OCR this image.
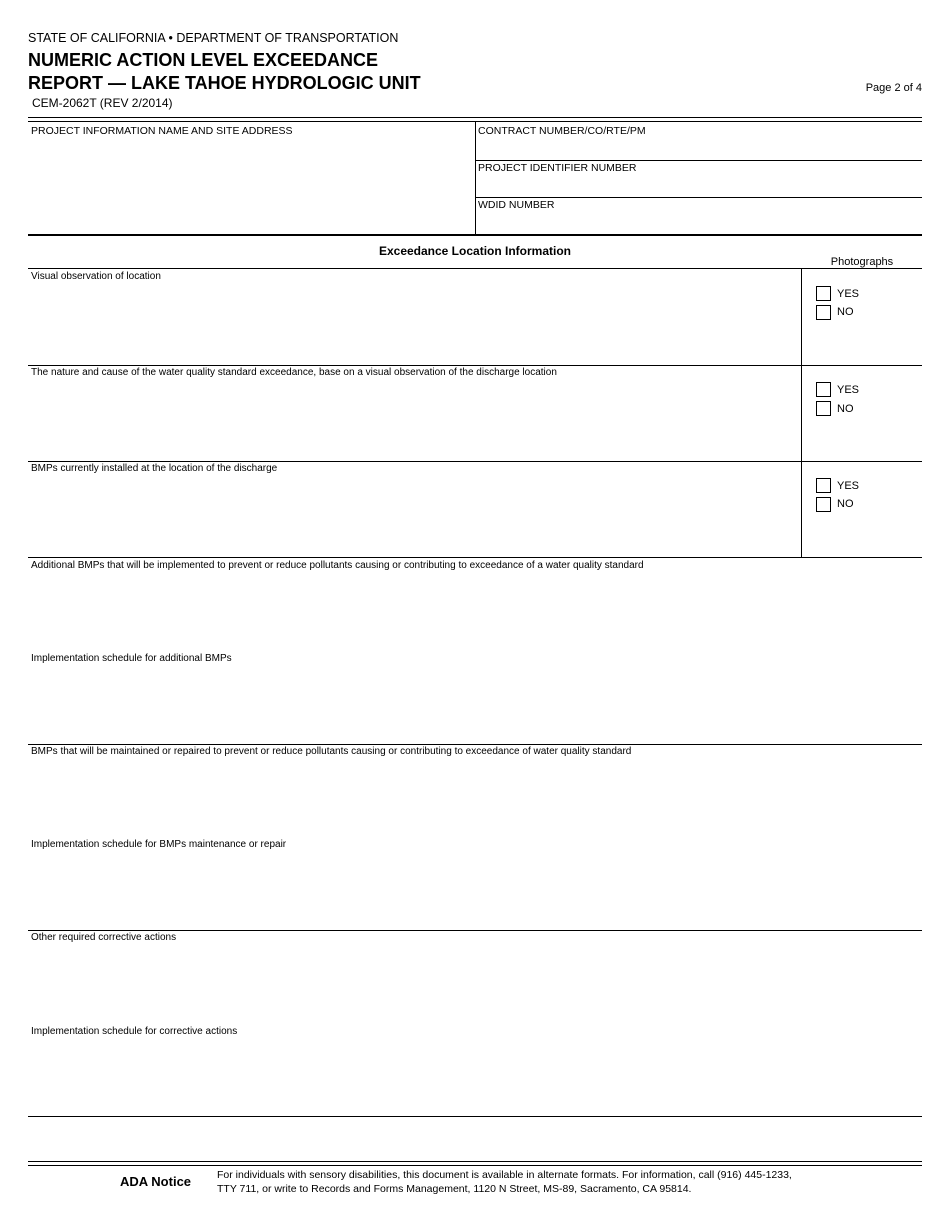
STATE OF CALIFORNIA • DEPARTMENT OF TRANSPORTATION
NUMERIC ACTION LEVEL EXCEEDANCE
REPORT — LAKE TAHOE HYDROLOGIC UNIT
CEM-2062T (REV 2/2014)
Page 2 of 4
PROJECT INFORMATION NAME AND SITE ADDRESS	CONTRACT NUMBER/CO/RTE/PM
PROJECT IDENTIFIER NUMBER
WDID NUMBER
Exceedance Location Information
Photographs
Visual observation of location
YES
NO
The nature and cause of the water quality standard exceedance, base on a visual observation of the discharge location
YES
NO
BMPs currently installed at the location of the discharge
YES
NO
Additional BMPs that will be implemented to prevent or reduce pollutants causing or contributing to exceedance of a water quality standard
Implementation schedule for additional BMPs
BMPs that will be maintained or repaired to prevent or reduce pollutants causing or contributing to exceedance of water quality standard
Implementation schedule for BMPs maintenance or repair
Other required corrective actions
Implementation schedule for corrective actions
ADA Notice For individuals with sensory disabilities, this document is available in alternate formats. For information, call (916) 445-1233,
TTY 711, or write to Records and Forms Management, 1120 N Street, MS-89, Sacramento, CA 95814.
